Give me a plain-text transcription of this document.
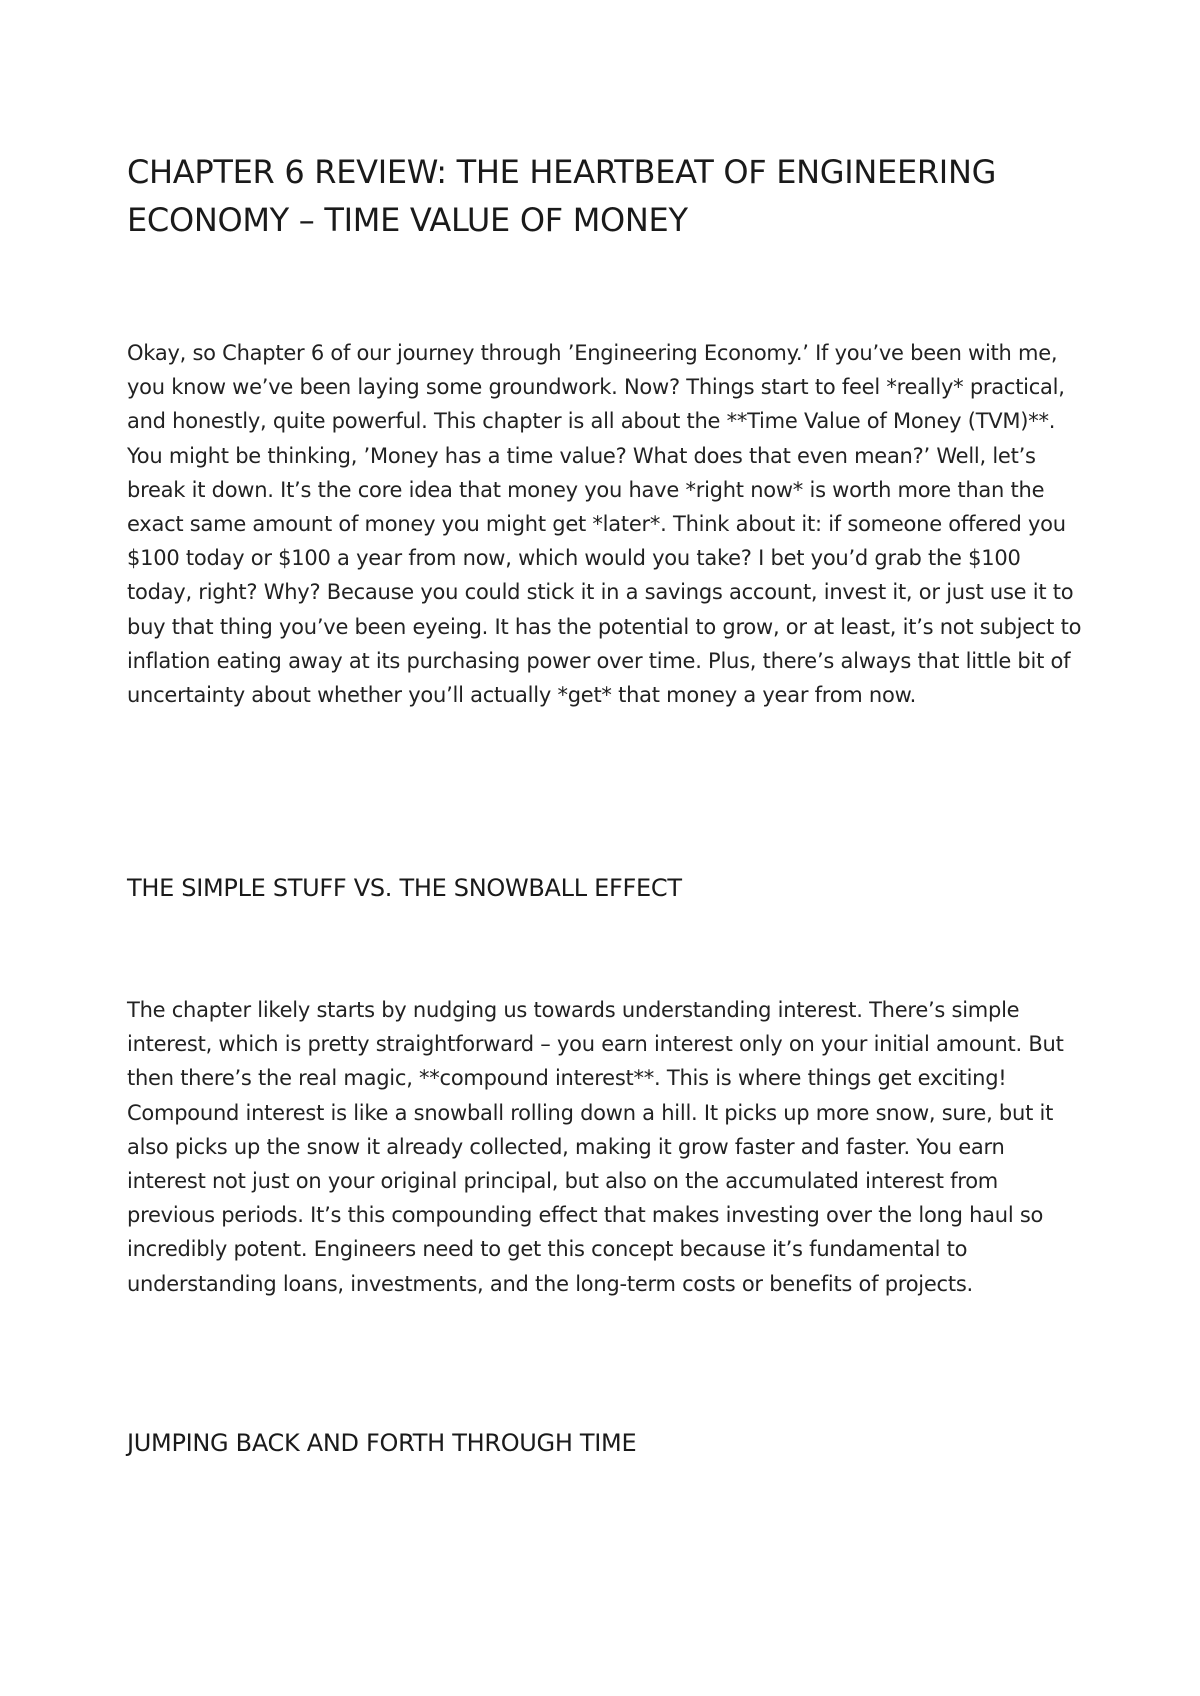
CHAPTER 6 REVIEW: THE HEARTBEAT OF ENGINEERING ECONOMY – TIME VALUE OF MONEY

Okay, so Chapter 6 of our journey through ’Engineering Economy.’ If you’ve been with me, you know we’ve been laying some groundwork. Now? Things start to feel *really* practical, and honestly, quite powerful. This chapter is all about the **Time Value of Money (TVM)**. You might be thinking, ’Money has a time value? What does that even mean?’ Well, let’s break it down. It’s the core idea that money you have *right now* is worth more than the exact same amount of money you might get *later*. Think about it: if someone offered you $100 today or $100 a year from now, which would you take? I bet you’d grab the $100 today, right? Why? Because you could stick it in a savings account, invest it, or just use it to buy that thing you’ve been eyeing. It has the potential to grow, or at least, it’s not subject to inflation eating away at its purchasing power over time. Plus, there’s always that little bit of uncertainty about whether you’ll actually *get* that money a year from now.

THE SIMPLE STUFF VS. THE SNOWBALL EFFECT

The chapter likely starts by nudging us towards understanding interest. There’s simple interest, which is pretty straightforward – you earn interest only on your initial amount. But then there’s the real magic, **compound interest**. This is where things get exciting! Compound interest is like a snowball rolling down a hill. It picks up more snow, sure, but it also picks up the snow it already collected, making it grow faster and faster. You earn interest not just on your original principal, but also on the accumulated interest from previous periods. It’s this compounding effect that makes investing over the long haul so incredibly potent. Engineers need to get this concept because it’s fundamental to understanding loans, investments, and the long-term costs or benefits of projects.

JUMPING BACK AND FORTH THROUGH TIME
